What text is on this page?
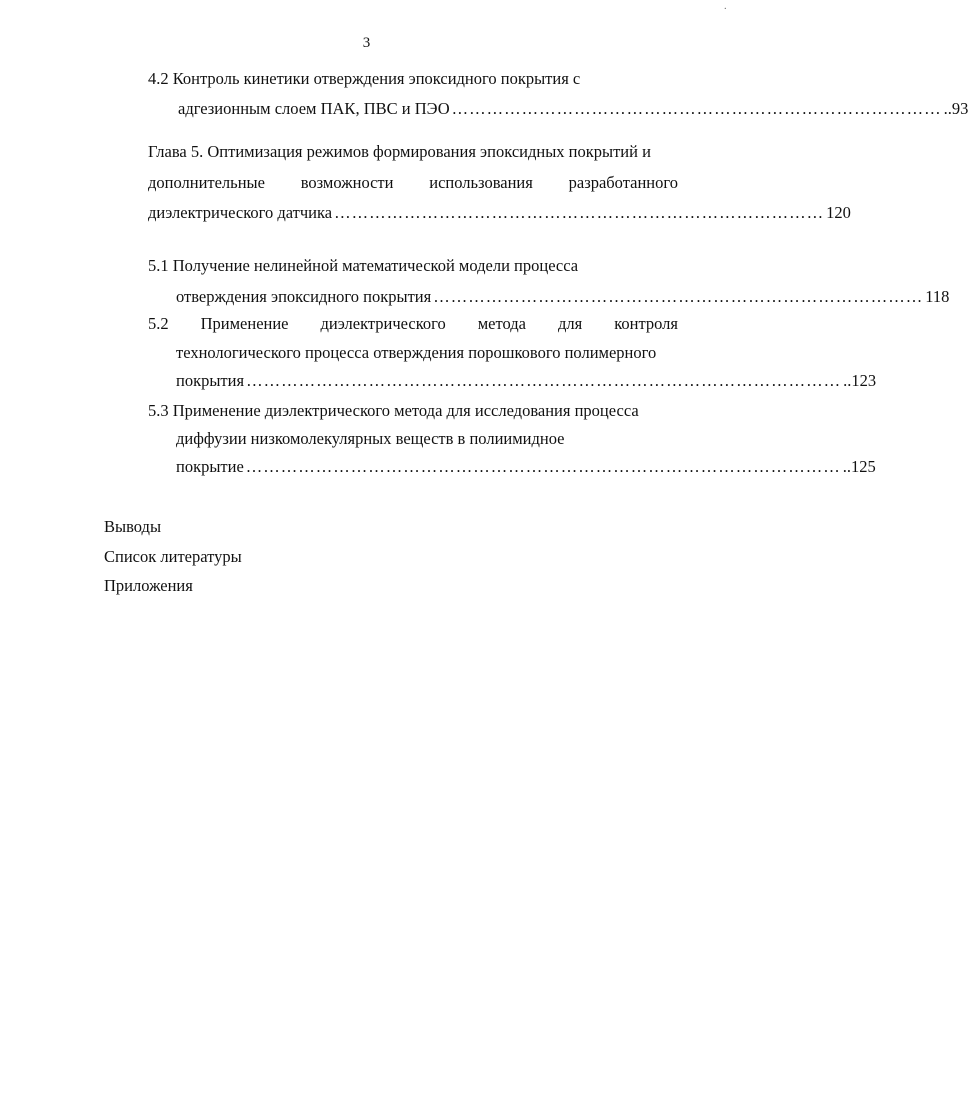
3
·
4.2 Контроль кинетики отверждения эпоксидного покрытия с
адгезионным слоем ПАК, ПВС и ПЭО ………………………………………………………………………… ..93
Глава 5. Оптимизация режимов формирования эпоксидных покрытий и
дополнительные возможности использования разработанного
диэлектрического датчика ………………………………………………………………………… 120
5.1 Получение нелинейной математической модели процесса
отверждения эпоксидного покрытия ………………………………………………………………………… 118
5.2 Применение диэлектрического метода для контроля
технологического процесса отверждения порошкового полимерного
покрытия ………………………………………………………………………………………… ..123
5.3 Применение диэлектрического метода для исследования процесса
диффузии низкомолекулярных веществ в полиимидное
покрытие ………………………………………………………………………………………… ..125
Выводы
Список литературы
Приложения
